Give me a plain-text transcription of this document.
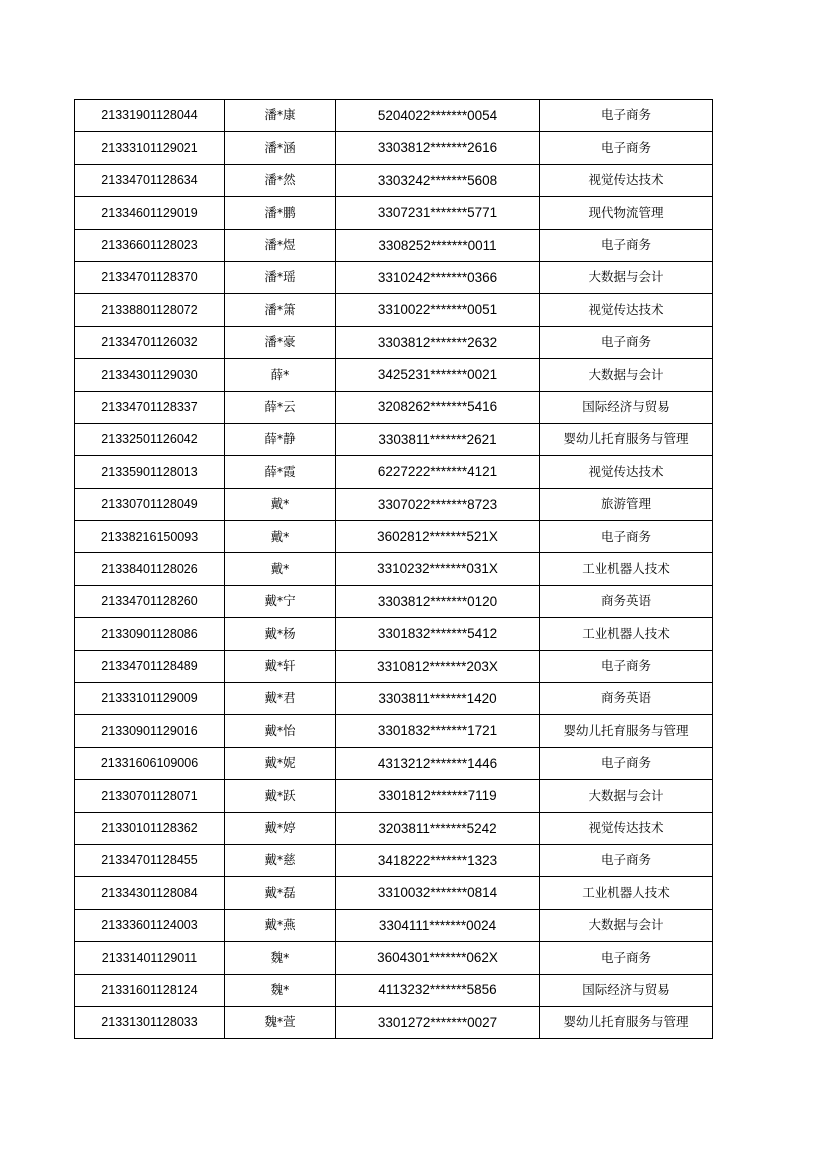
21331901128044	潘*康	5204022*******0054	电子商务
21333101129021	潘*涵	3303812*******2616	电子商务
21334701128634	潘*然	3303242*******5608	视觉传达技术
21334601129019	潘*鹏	3307231*******5771	现代物流管理
21336601128023	潘*煜	3308252*******0011	电子商务
21334701128370	潘*瑶	3310242*******0366	大数据与会计
21338801128072	潘*箫	3310022*******0051	视觉传达技术
21334701126032	潘*豪	3303812*******2632	电子商务
21334301129030	薛*	3425231*******0021	大数据与会计
21334701128337	薛*云	3208262*******5416	国际经济与贸易
21332501126042	薛*静	3303811*******2621	婴幼儿托育服务与管理
21335901128013	薛*霞	6227222*******4121	视觉传达技术
21330701128049	戴*	3307022*******8723	旅游管理
21338216150093	戴*	3602812*******521X	电子商务
21338401128026	戴*	3310232*******031X	工业机器人技术
21334701128260	戴*宁	3303812*******0120	商务英语
21330901128086	戴*杨	3301832*******5412	工业机器人技术
21334701128489	戴*轩	3310812*******203X	电子商务
21333101129009	戴*君	3303811*******1420	商务英语
21330901129016	戴*怡	3301832*******1721	婴幼儿托育服务与管理
21331606109006	戴*妮	4313212*******1446	电子商务
21330701128071	戴*跃	3301812*******7119	大数据与会计
21330101128362	戴*婷	3203811*******5242	视觉传达技术
21334701128455	戴*慈	3418222*******1323	电子商务
21334301128084	戴*磊	3310032*******0814	工业机器人技术
21333601124003	戴*燕	3304111*******0024	大数据与会计
21331401129011	魏*	3604301*******062X	电子商务
21331601128124	魏*	4113232*******5856	国际经济与贸易
21331301128033	魏*萱	3301272*******0027	婴幼儿托育服务与管理
